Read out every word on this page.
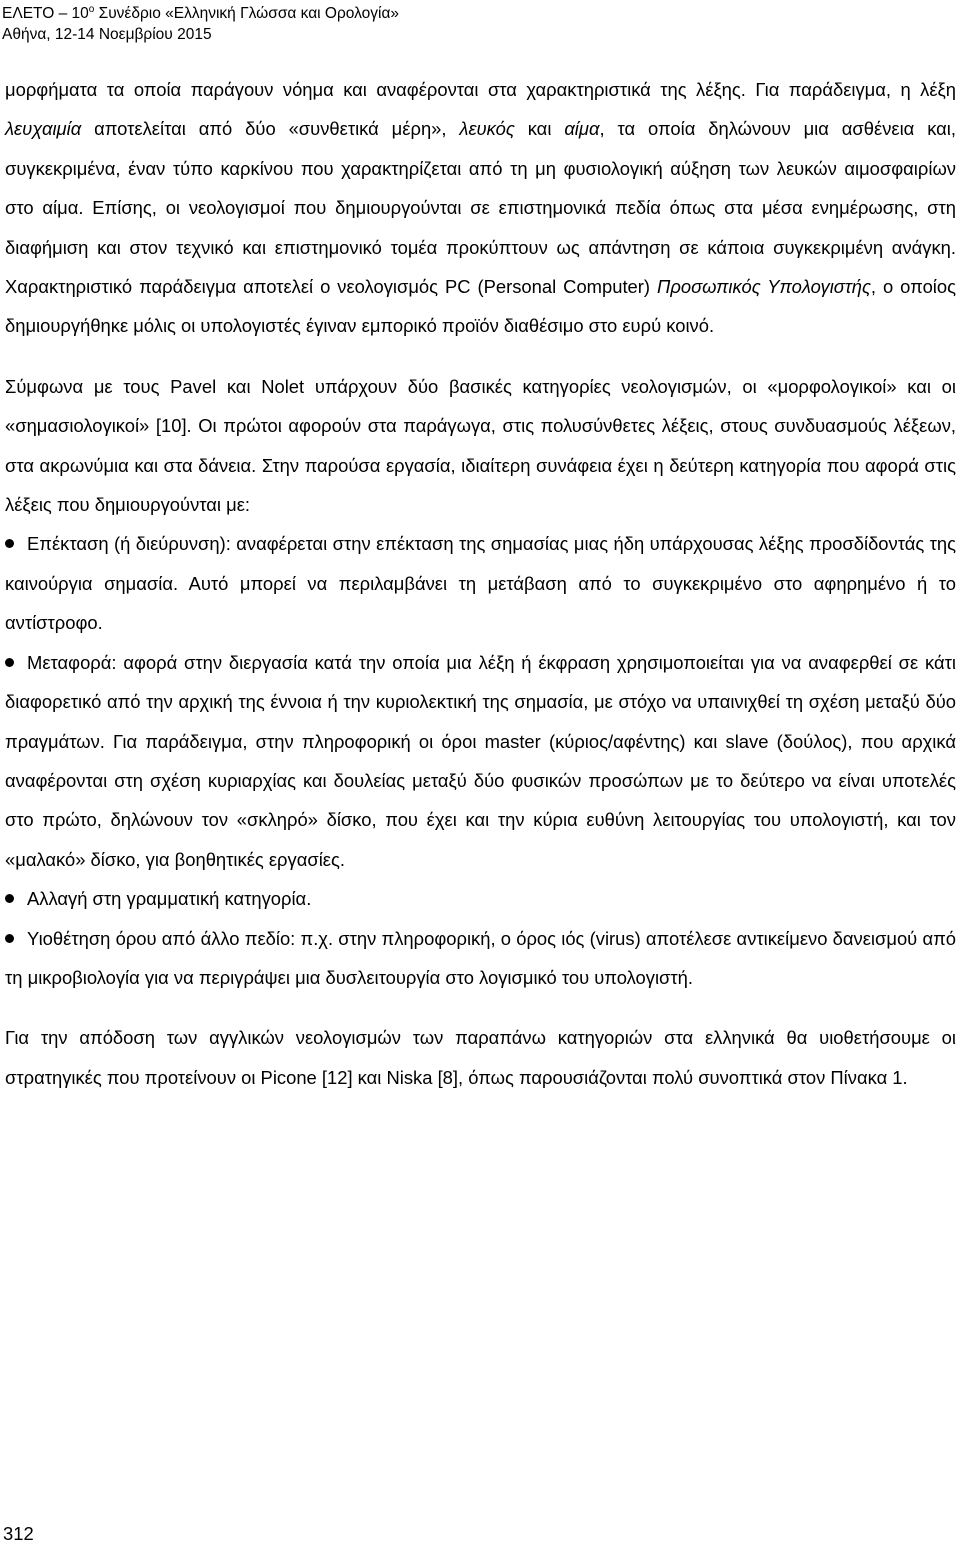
ΕΛΕΤΟ – $10^o$ Συνέδριο «Ελληνική Γλώσσα και Ορολογία»
Αθήνα, 12-14 Νοεμβρίου 2015

μορφήματα τα οποία παράγουν νόημα και αναφέρονται στα χαρακτηριστικά της λέξης. Για παράδειγμα, η λέξη λευχαιμία αποτελείται από δύο «συνθετικά μέρη», λευκός και αίμα, τα οποία δηλώνουν μια ασθένεια και, συγκεκριμένα, έναν τύπο καρκίνου που χαρακτηρίζεται από τη μη φυσιολογική αύξηση των λευκών αιμοσφαιρίων στο αίμα. Επίσης, οι νεολογισμοί που δημιουργούνται σε επιστημονικά πεδία όπως στα μέσα ενημέρωσης, στη διαφήμιση και στον τεχνικό και επιστημονικό τομέα προκύπτουν ως απάντηση σε κάποια συγκεκριμένη ανάγκη. Χαρακτηριστικό παράδειγμα αποτελεί ο νεολογισμός PC (Personal Computer) Προσωπικός Υπολογιστής, ο οποίος δημιουργήθηκε μόλις οι υπολογιστές έγιναν εμπορικό προϊόν διαθέσιμο στο ευρύ κοινό.

Σύμφωνα με τους Pavel και Nolet υπάρχουν δύο βασικές κατηγορίες νεολογισμών, οι «μορφολογικοί» και οι «σημασιολογικοί» [10]. Οι πρώτοι αφορούν στα παράγωγα, στις πολυσύνθετες λέξεις, στους συνδυασμούς λέξεων, στα ακρωνύμια και στα δάνεια. Στην παρούσα εργασία, ιδιαίτερη συνάφεια έχει η δεύτερη κατηγορία που αφορά στις λέξεις που δημιουργούνται με:

Επέκταση (ή διεύρυνση): αναφέρεται στην επέκταση της σημασίας μιας ήδη υπάρχουσας λέξης προσδίδοντάς της καινούργια σημασία. Αυτό μπορεί να περιλαμβάνει τη μετάβαση από το συγκεκριμένο στο αφηρημένο ή το αντίστροφο.

Μεταφορά: αφορά στην διεργασία κατά την οποία μια λέξη ή έκφραση χρησιμοποιείται για να αναφερθεί σε κάτι διαφορετικό από την αρχική της έννοια ή την κυριολεκτική της σημασία, με στόχο να υπαινιχθεί τη σχέση μεταξύ δύο πραγμάτων. Για παράδειγμα, στην πληροφορική οι όροι master (κύριος/αφέντης) και slave (δούλος), που αρχικά αναφέρονται στη σχέση κυριαρχίας και δουλείας μεταξύ δύο φυσικών προσώπων με το δεύτερο να είναι υποτελές στο πρώτο, δηλώνουν τον «σκληρό» δίσκο, που έχει και την κύρια ευθύνη λειτουργίας του υπολογιστή, και τον «μαλακό» δίσκο, για βοηθητικές εργασίες.

Αλλαγή στη γραμματική κατηγορία.

Υιοθέτηση όρου από άλλο πεδίο: π.χ. στην πληροφορική, ο όρος ιός (virus) αποτέλεσε αντικείμενο δανεισμού από τη μικροβιολογία για να περιγράψει μια δυσλειτουργία στο λογισμικό του υπολογιστή.

Για την απόδοση των αγγλικών νεολογισμών των παραπάνω κατηγοριών στα ελληνικά θα υιοθετήσουμε οι στρατηγικές που προτείνουν οι Picone [12] και Niska [8], όπως παρουσιάζονται πολύ συνοπτικά στον Πίνακα 1.

312
